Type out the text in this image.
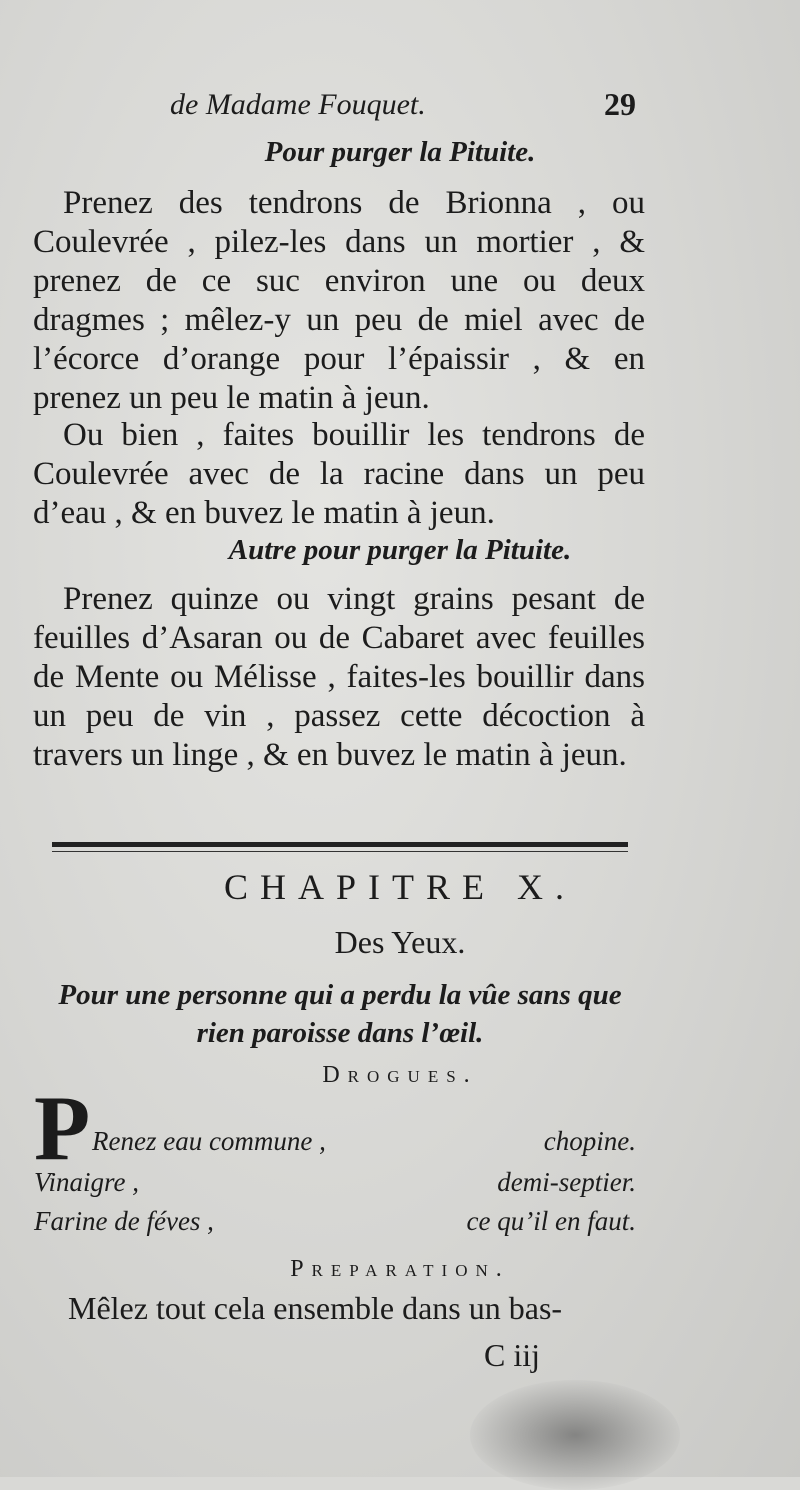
de Madame Fouquet.	29
Pour purger la Pituite.

Prenez des tendrons de Brionna , ou Coulevrée , pilez-les dans un mortier , & prenez de ce suc environ une ou deux dragmes ; mêlez-y un peu de miel avec de l’écorce d’orange pour l’épaissir , & en prenez un peu le matin à jeun.

Ou bien , faites bouillir les tendrons de Coulevrée avec de la racine dans un peu d’eau , & en buvez le matin à jeun.

Autre pour purger la Pituite.

Prenez quinze ou vingt grains pesant de feuilles d’Asaran ou de Cabaret avec feuilles de Mente ou Mélisse , faites-les bouillir dans un peu de vin , passez cette décoction à travers un linge , & en buvez le matin à jeun.

CHAPITRE X.
Des Yeux.
Pour une personne qui a perdu la vûe sans que rien paroisse dans l’œil.
Drogues.
P Renez eau commune ,	chopine.
Vinaigre ,	demi-septier.
Farine de féves ,	ce qu’il en faut.
Preparation.
Mêlez tout cela ensemble dans un bas-
C iij
